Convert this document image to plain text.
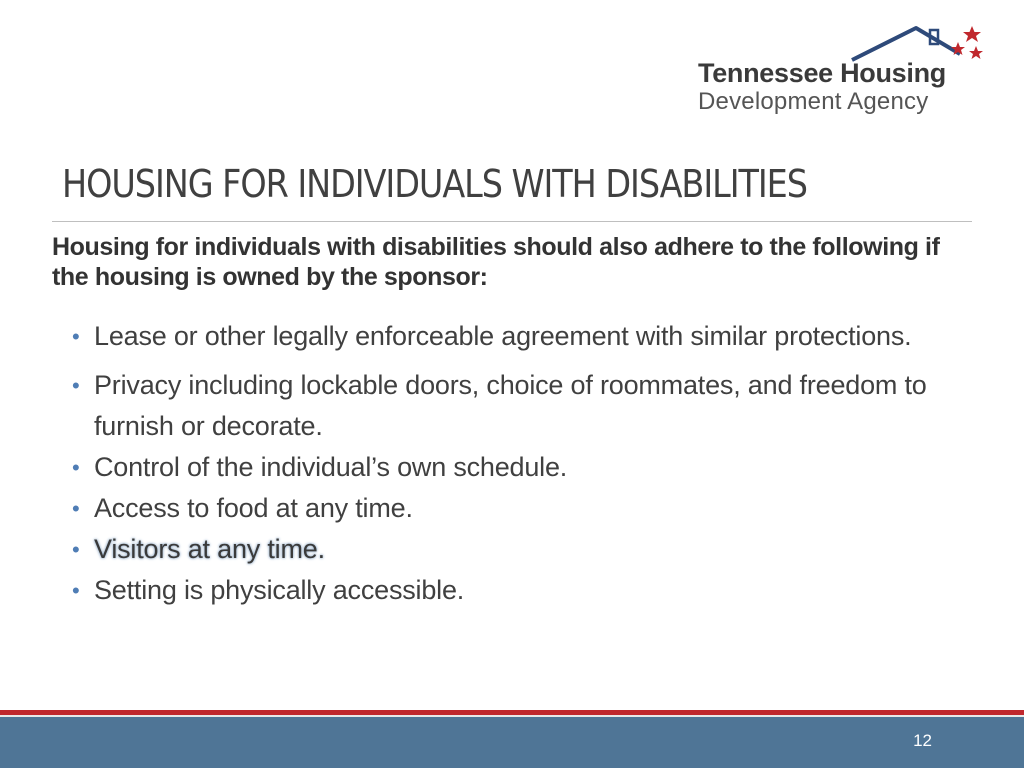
Tennessee Housing
Development Agency
HOUSING FOR INDIVIDUALS WITH DISABILITIES

Housing for individuals with disabilities should also adhere to the following if the housing is owned by the sponsor:

• Lease or other legally enforceable agreement with similar protections.
• Privacy including lockable doors, choice of roommates, and freedom to furnish or decorate.
• Control of the individual’s own schedule.
• Access to food at any time.
• Visitors at any time.
• Setting is physically accessible.
12
